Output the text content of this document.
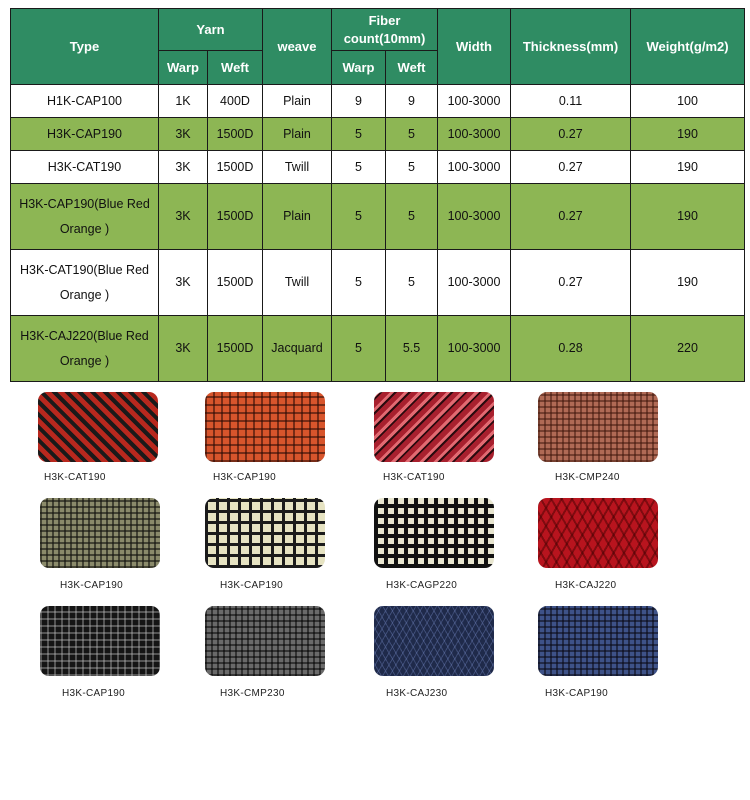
Type	Yarn		weave	Fiber count(10mm)		Width	Thickness(mm)	Weight(g/m2)
	Warp	Weft		Warp	Weft			
H1K-CAP100	1K	400D	Plain	9	9	100-3000	0.11	100
H3K-CAP190	3K	1500D	Plain	5	5	100-3000	0.27	190
H3K-CAT190	3K	1500D	Twill	5	5	100-3000	0.27	190
H3K-CAP190(Blue Red Orange )	3K	1500D	Plain	5	5	100-3000	0.27	190
H3K-CAT190(Blue Red Orange )	3K	1500D	Twill	5	5	100-3000	0.27	190
H3K-CAJ220(Blue Red Orange )	3K	1500D	Jacquard	5	5.5	100-3000	0.28	220
H3K-CAT190	H3K-CAP190	H3K-CAT190	H3K-CMP240
H3K-CAP190	H3K-CAP190	H3K-CAGP220	H3K-CAJ220
H3K-CAP190	H3K-CMP230	H3K-CAJ230	H3K-CAP190
